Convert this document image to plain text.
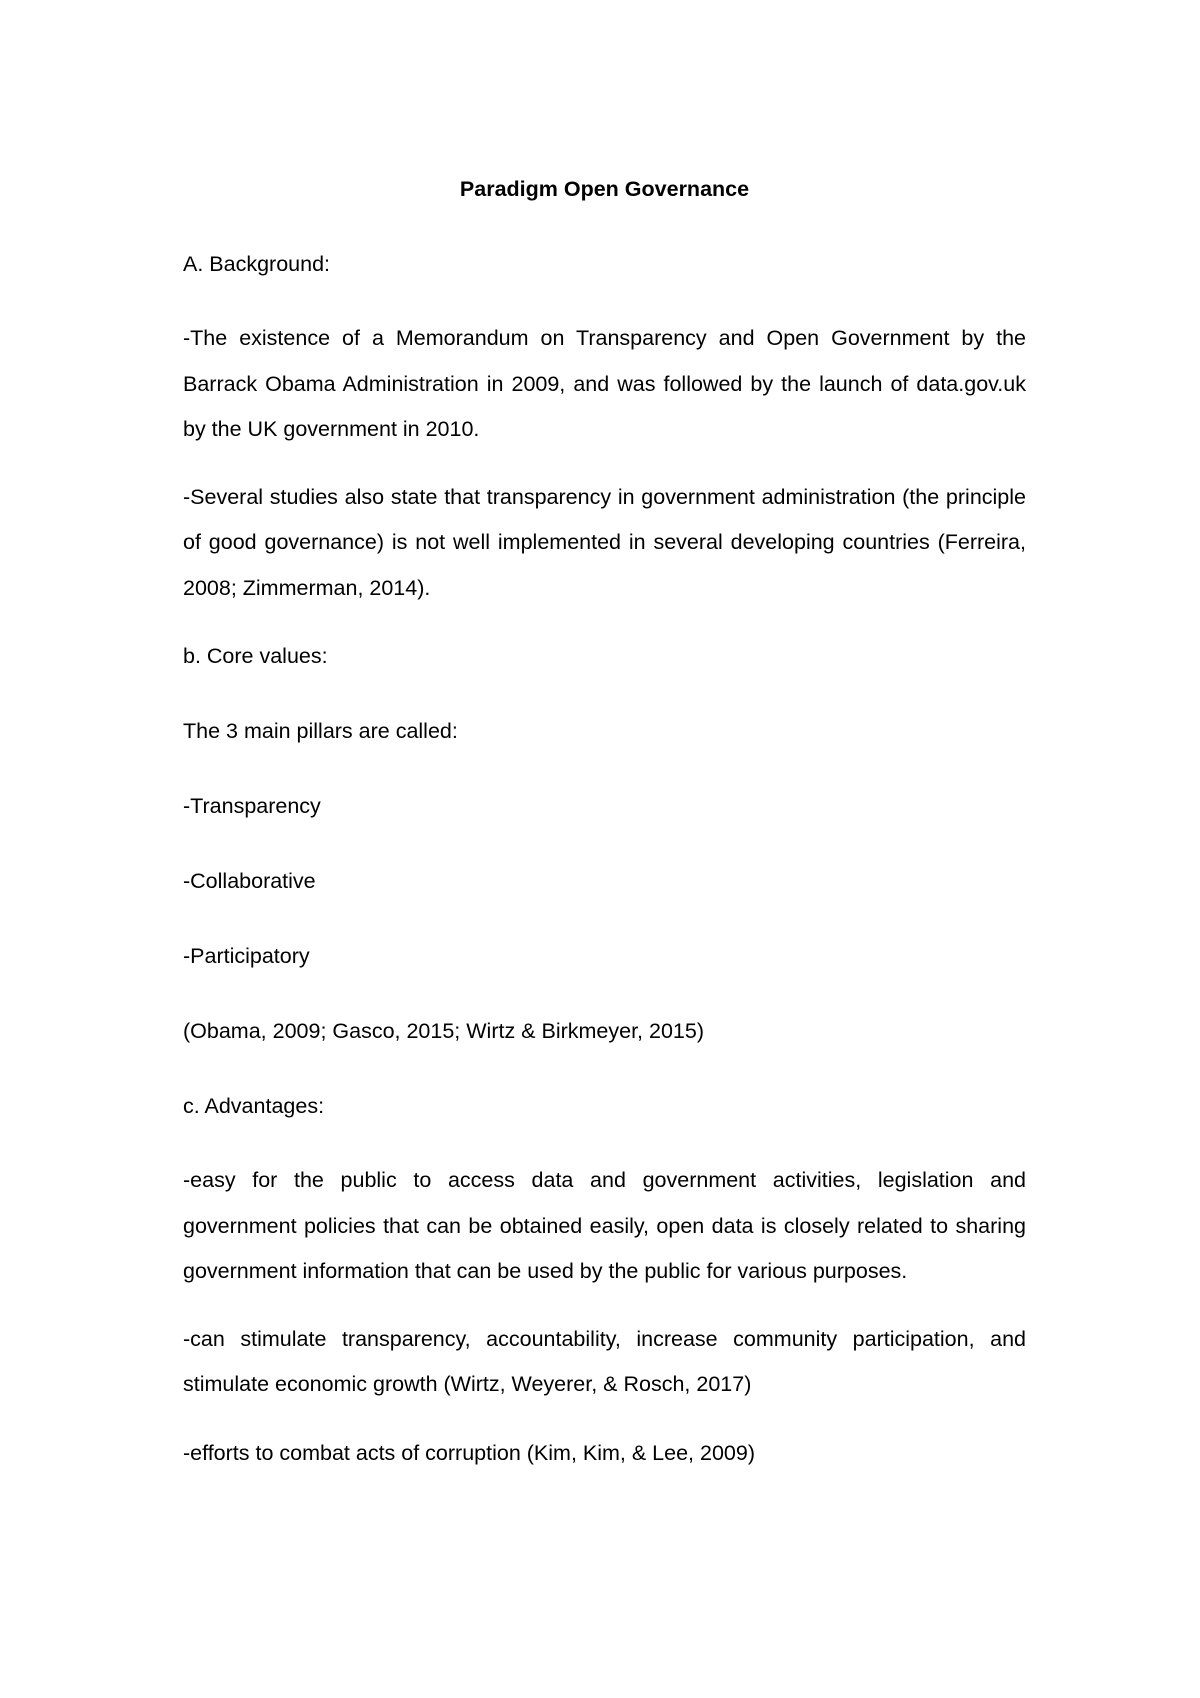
Paradigm Open Governance
A. Background:
-The existence of a Memorandum on Transparency and Open Government by the Barrack Obama Administration in 2009, and was followed by the launch of data.gov.uk by the UK government in 2010.
-Several studies also state that transparency in government administration (the principle of good governance) is not well implemented in several developing countries (Ferreira, 2008; Zimmerman, 2014).
b. Core values:
The 3 main pillars are called:
-Transparency
-Collaborative
-Participatory
(Obama, 2009; Gasco, 2015; Wirtz & Birkmeyer, 2015)
c. Advantages:
-easy for the public to access data and government activities, legislation and government policies that can be obtained easily, open data is closely related to sharing government information that can be used by the public for various purposes.
-can stimulate transparency, accountability, increase community participation, and stimulate economic growth (Wirtz, Weyerer, & Rosch, 2017)
-efforts to combat acts of corruption (Kim, Kim, & Lee, 2009)
